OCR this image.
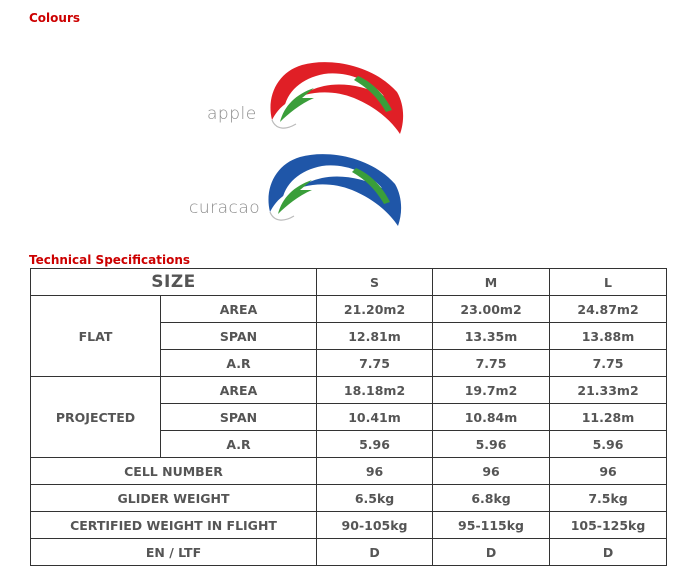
Colours
apple
curacao
Technical Specifications
SIZE		S	M	L
FLAT	AREA	21.20m2	23.00m2	24.87m2
	SPAN	12.81m	13.35m	13.88m
	A.R	7.75	7.75	7.75
PROJECTED	AREA	18.18m2	19.7m2	21.33m2
	SPAN	10.41m	10.84m	11.28m
	A.R	5.96	5.96	5.96
CELL NUMBER		96	96	96
GLIDER WEIGHT		6.5kg	6.8kg	7.5kg
CERTIFIED WEIGHT IN FLIGHT		90-105kg	95-115kg	105-125kg
EN / LTF		D	D	D
